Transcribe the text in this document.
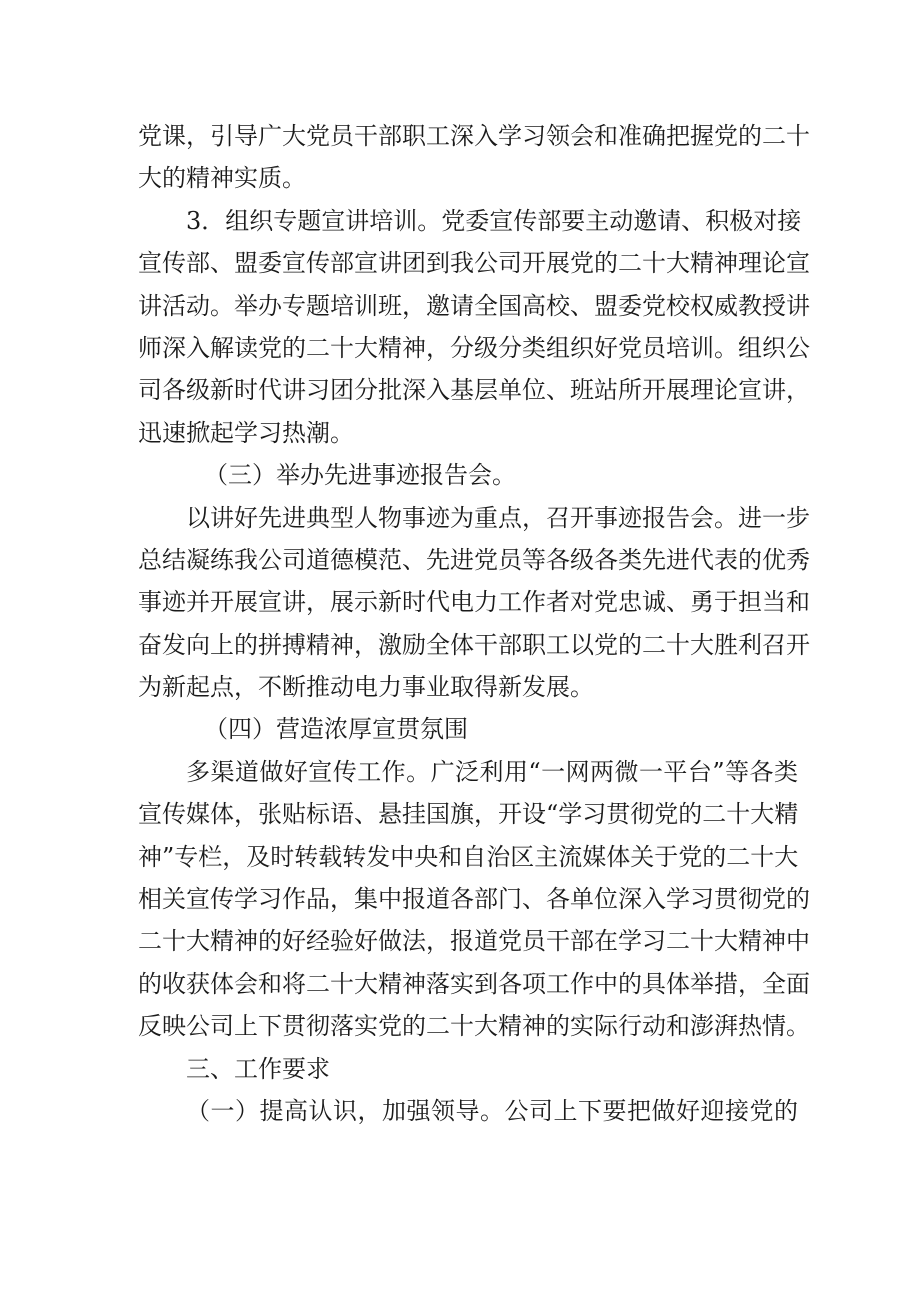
党课，引导广大党员干部职工深入学习领会和准确把握党的二十
大的精神实质。
3．组织专题宣讲培训。党委宣传部要主动邀请、积极对接
宣传部、盟委宣传部宣讲团到我公司开展党的二十大精神理论宣
讲活动。举办专题培训班，邀请全国高校、盟委党校权威教授讲
师深入解读党的二十大精神，分级分类组织好党员培训。组织公
司各级新时代讲习团分批深入基层单位、班站所开展理论宣讲，
迅速掀起学习热潮。
（三）举办先进事迹报告会。
以讲好先进典型人物事迹为重点，召开事迹报告会。进一步
总结凝练我公司道德模范、先进党员等各级各类先进代表的优秀
事迹并开展宣讲，展示新时代电力工作者对党忠诚、勇于担当和
奋发向上的拼搏精神，激励全体干部职工以党的二十大胜利召开
为新起点，不断推动电力事业取得新发展。
（四）营造浓厚宣贯氛围
多渠道做好宣传工作。广泛利用“一网两微一平台”等各类
宣传媒体，张贴标语、悬挂国旗，开设“学习贯彻党的二十大精
神”专栏，及时转载转发中央和自治区主流媒体关于党的二十大
相关宣传学习作品，集中报道各部门、各单位深入学习贯彻党的
二十大精神的好经验好做法，报道党员干部在学习二十大精神中
的收获体会和将二十大精神落实到各项工作中的具体举措，全面
反映公司上下贯彻落实党的二十大精神的实际行动和澎湃热情。
三、工作要求
（一）提高认识，加强领导。公司上下要把做好迎接党的
